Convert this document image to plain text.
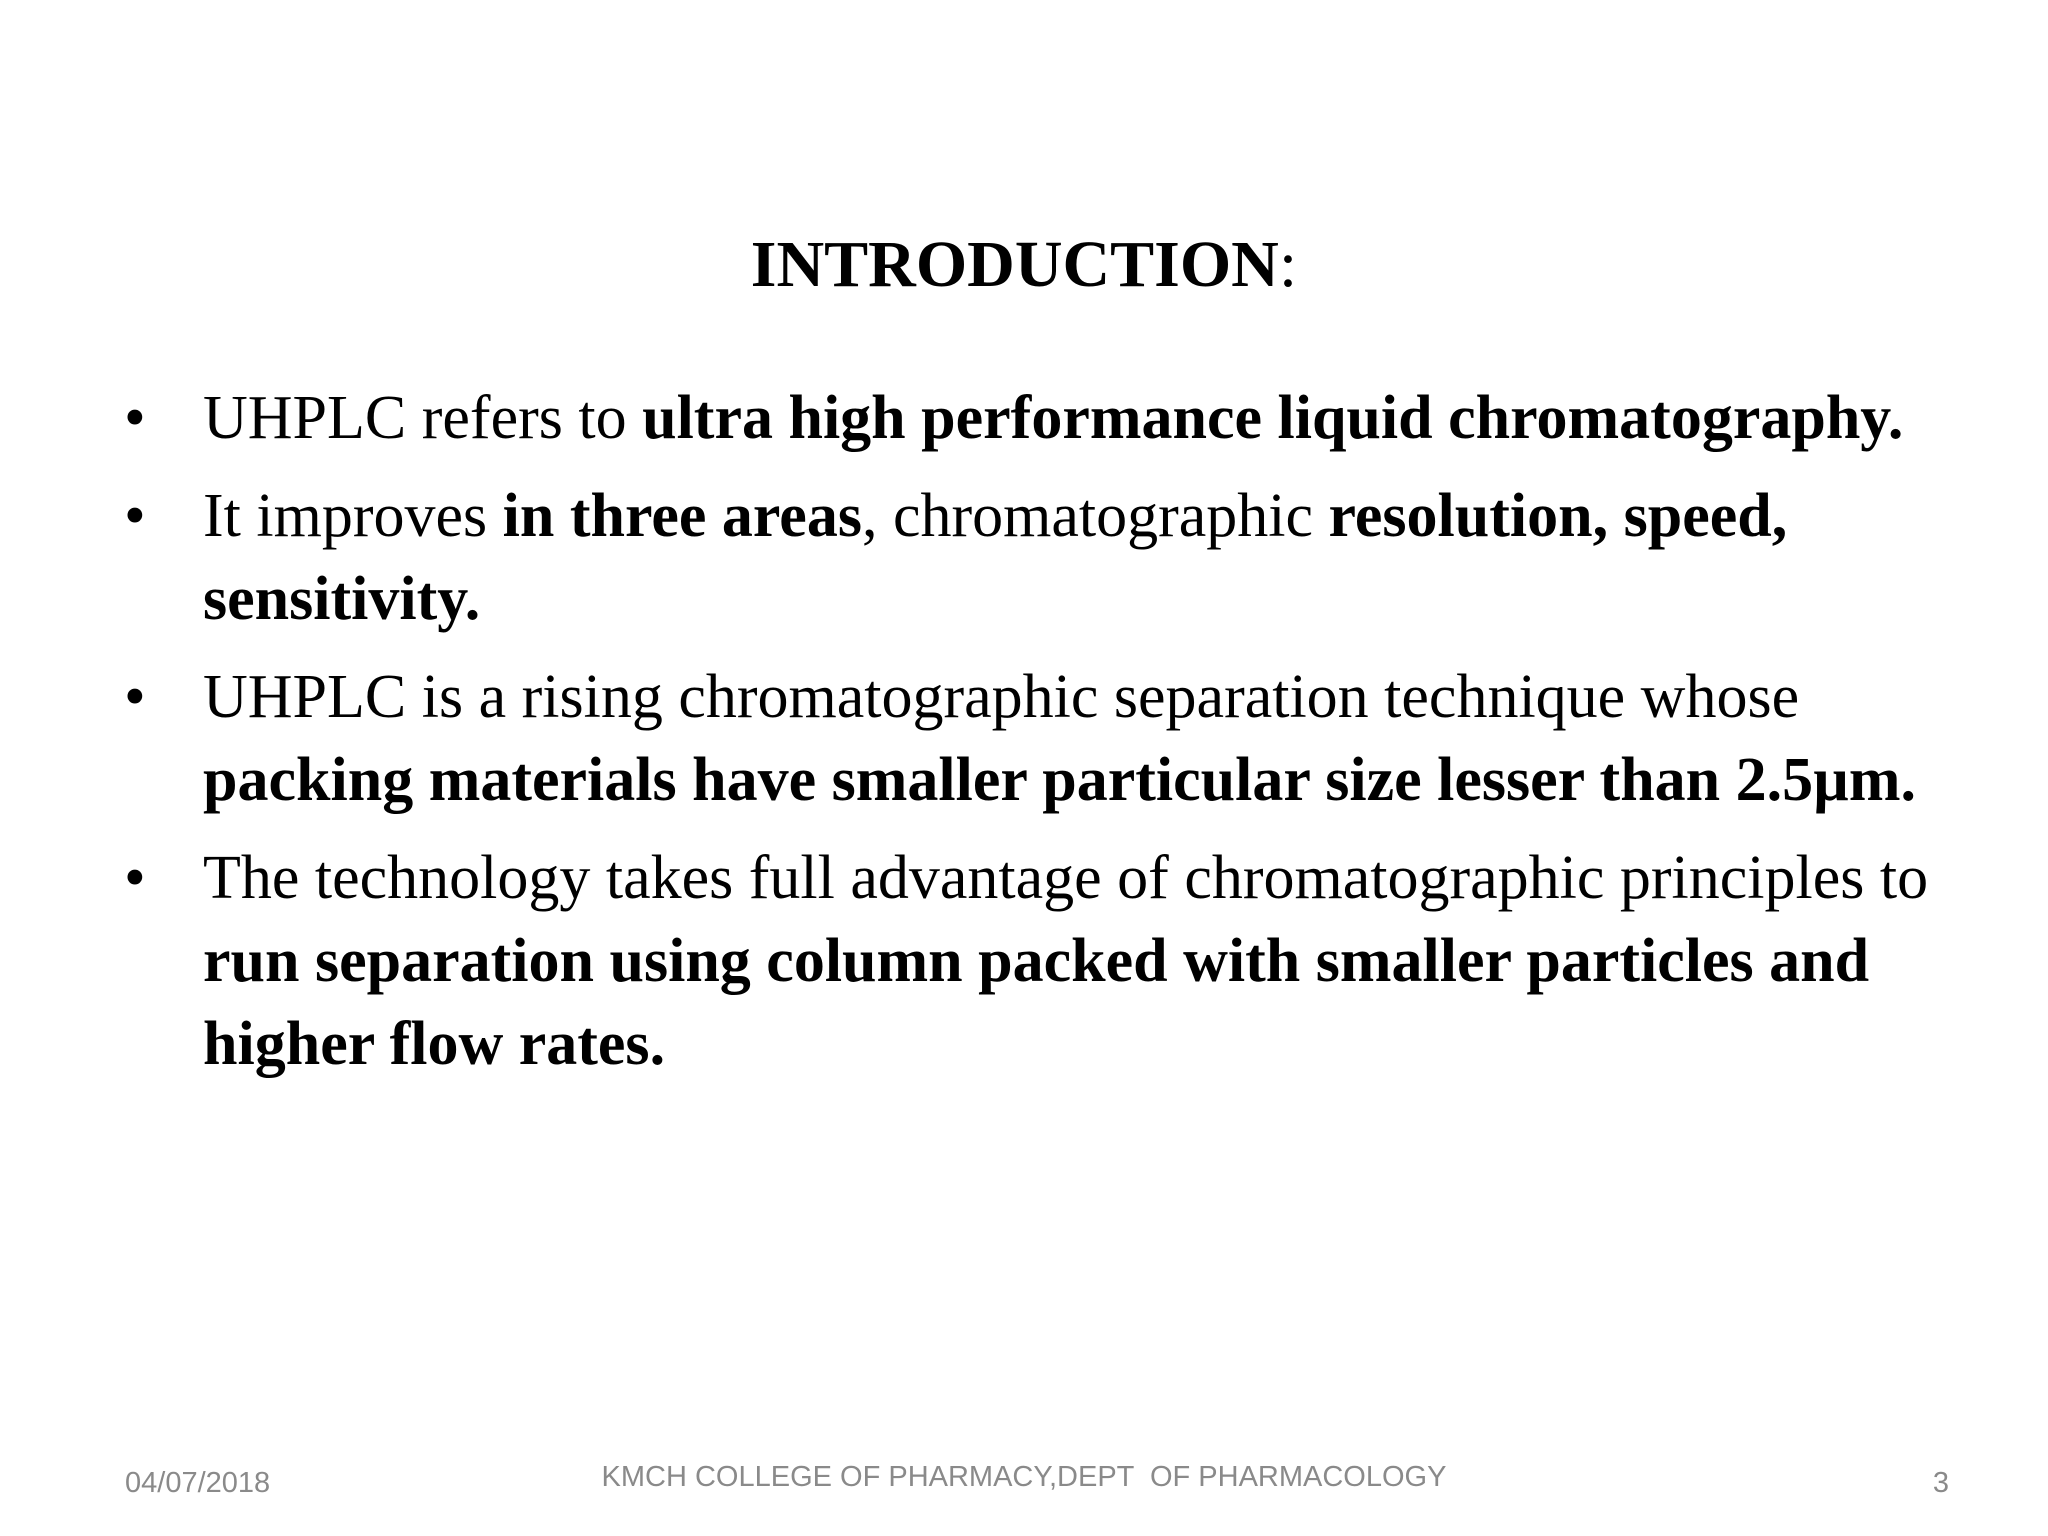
INTRODUCTION:
• UHPLC refers to ultra high performance liquid chromatography.
• It improves in three areas, chromatographic resolution, speed, sensitivity.
• UHPLC is a rising chromatographic separation technique whose packing materials have smaller particular size lesser than 2.5µm.
• The technology takes full advantage of chromatographic principles to run separation using column packed with smaller particles and higher flow rates.
04/07/2018	KMCH COLLEGE OF PHARMACY,DEPT  OF PHARMACOLOGY	3
